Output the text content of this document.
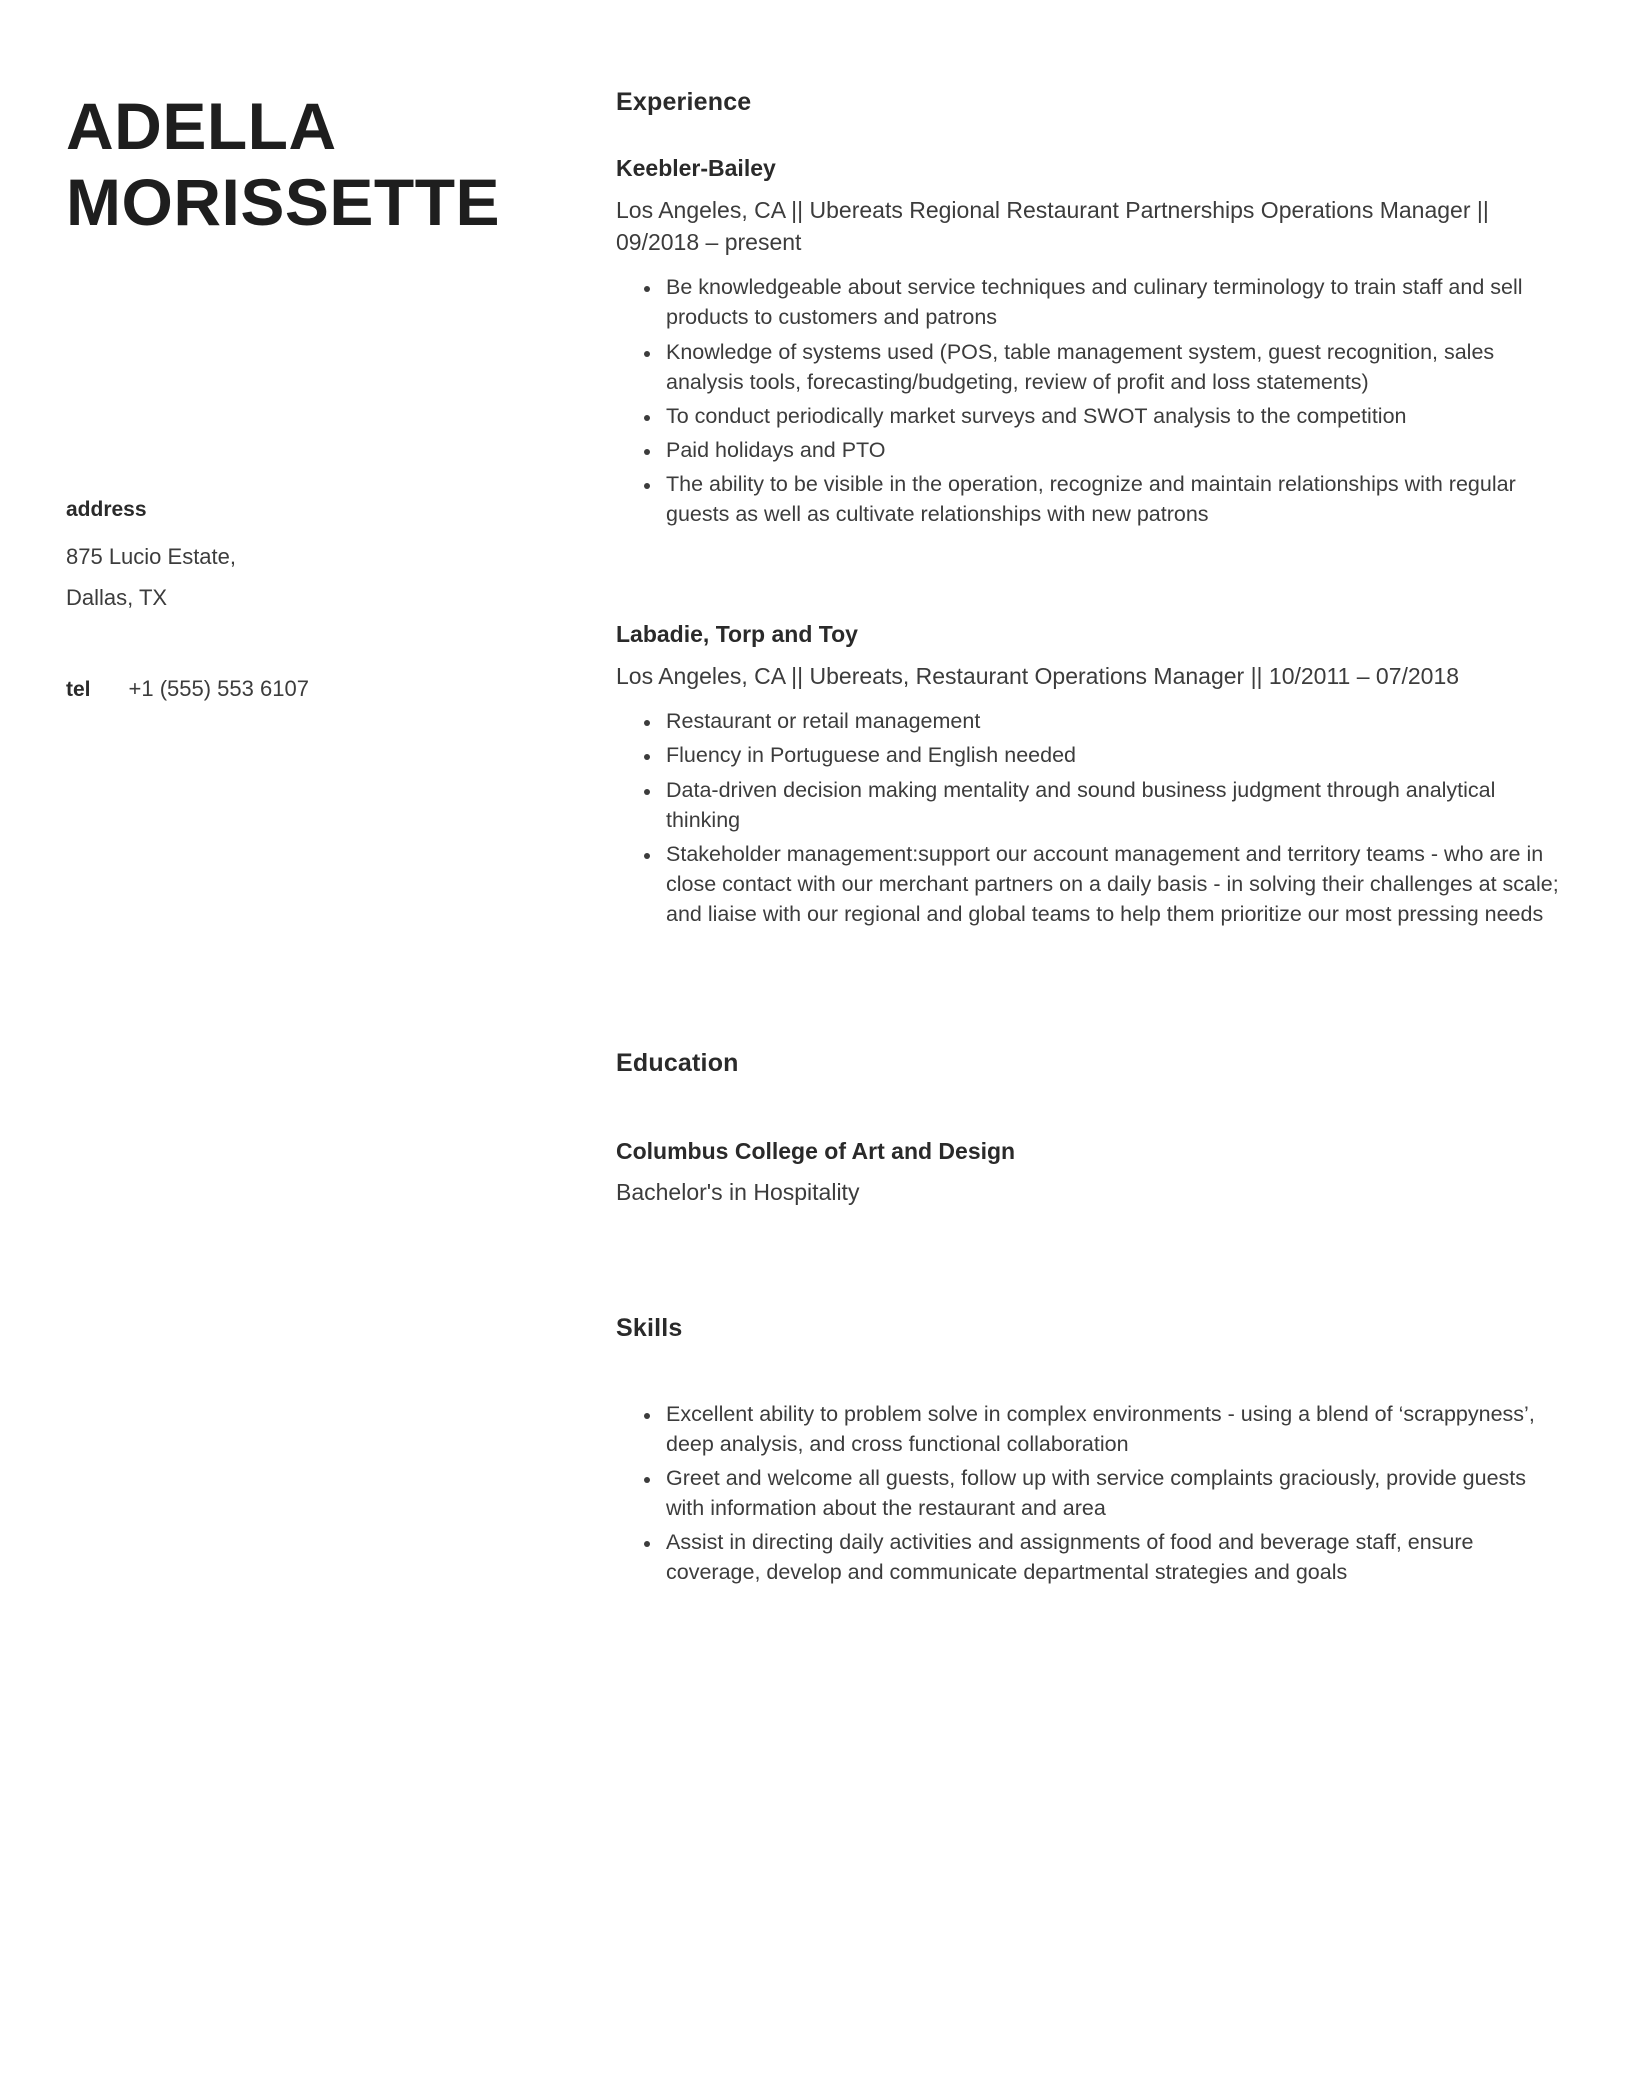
ADELLA
MORISSETTE
address
875 Lucio Estate,
Dallas, TX
tel +1 (555) 553 6107
Experience
Keebler-Bailey

Los Angeles, CA || Ubereats Regional Restaurant Partnerships Operations Manager || 09/2018 – present

• Be knowledgeable about service techniques and culinary terminology to train staff and sell products to customers and patrons
• Knowledge of systems used (POS, table management system, guest recognition, sales analysis tools, forecasting/budgeting, review of profit and loss statements)
• To conduct periodically market surveys and SWOT analysis to the competition
• Paid holidays and PTO
• The ability to be visible in the operation, recognize and maintain relationships with regular guests as well as cultivate relationships with new patrons
Labadie, Torp and Toy

Los Angeles, CA || Ubereats, Restaurant Operations Manager || 10/2011 – 07/2018

• Restaurant or retail management
• Fluency in Portuguese and English needed
• Data-driven decision making mentality and sound business judgment through analytical thinking
• Stakeholder management:support our account management and territory teams - who are in close contact with our merchant partners on a daily basis - in solving their challenges at scale; and liaise with our regional and global teams to help them prioritize our most pressing needs
Education
Columbus College of Art and Design

Bachelor's in Hospitality

Skills
• Excellent ability to problem solve in complex environments - using a blend of ‘scrappyness’, deep analysis, and cross functional collaboration
• Greet and welcome all guests, follow up with service complaints graciously, provide guests with information about the restaurant and area
• Assist in directing daily activities and assignments of food and beverage staff, ensure coverage, develop and communicate departmental strategies and goals
